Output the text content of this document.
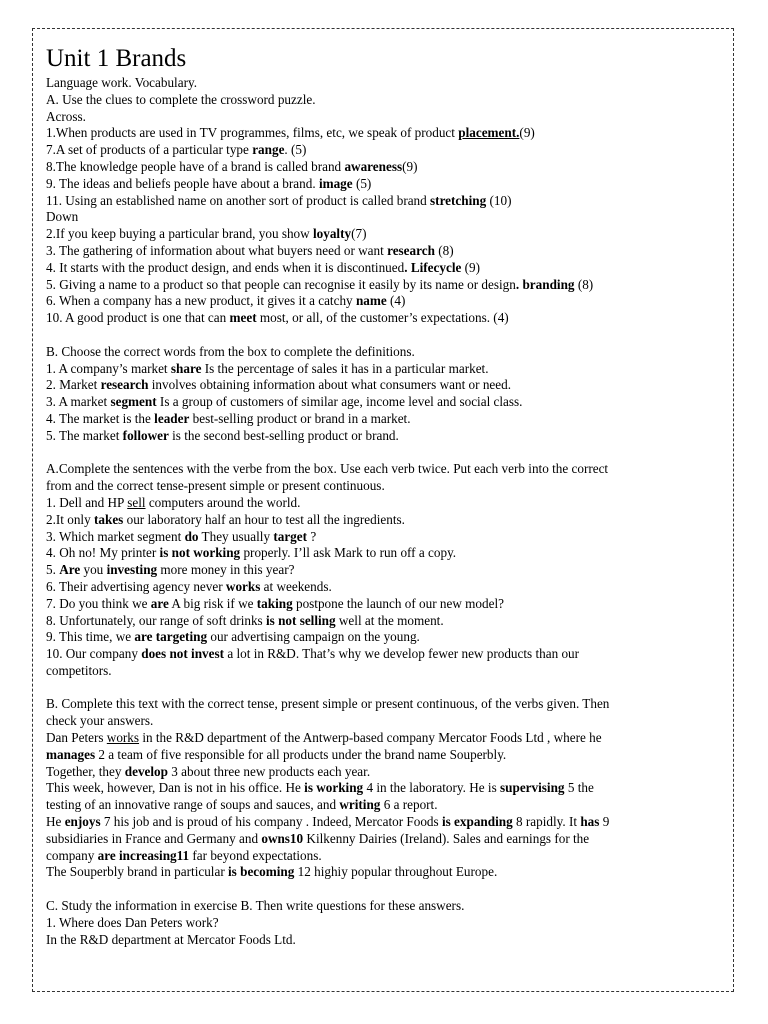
Unit 1 Brands
Language work. Vocabulary.
A. Use the clues to complete the crossword puzzle.
Across.
1.When products are used in TV programmes, films, etc, we speak of product placement.(9)
7.A set of products of a particular type range. (5)
8.The knowledge people have of a brand is called brand awareness(9)
9. The ideas and beliefs people have about a brand. image (5)
11. Using an established name on another sort of product is called brand stretching (10)
Down
2.If you keep buying a particular brand, you show loyalty(7)
3. The gathering of information about what buyers need or want research (8)
4. It starts with the product design, and ends when it is discontinued. Lifecycle (9)
5. Giving a name to a product so that people can recognise it easily by its name or design. branding (8)
6. When a company has a new product, it gives it a catchy name (4)
10. A good product is one that can meet most, or all, of the customer’s expectations. (4)
B. Choose the correct words from the box to complete the definitions.
1. A company’s market share Is the percentage of sales it has in a particular market.
2. Market research involves obtaining information about what consumers want or need.
3. A market segment Is a group of customers of similar age, income level and social class.
4. The market is the leader best-selling product or brand in a market.
5. The market follower is the second best-selling product or brand.
A.Complete the sentences with the verbe from the box. Use each verb twice. Put each verb into the correct
from and the correct tense-present simple or present continuous.
1. Dell and HP sell computers around the world.
2.It only takes our laboratory half an hour to test all the ingredients.
3. Which market segment do They usually target ?
4. Oh no! My printer is not working properly. I’ll ask Mark to run off a copy.
5. Are you investing more money in this year?
6. Their advertising agency never works at weekends.
7. Do you think we are A big risk if we taking postpone the launch of our new model?
8. Unfortunately, our range of soft drinks is not selling well at the moment.
9. This time, we are targeting our advertising campaign on the young.
10. Our company does not invest a lot in R&D. That’s why we develop fewer new products than our
competitors.
B. Complete this text with the correct tense, present simple or present continuous, of the verbs given. Then
check your answers.
Dan Peters works in the R&D department of the Antwerp-based company Mercator Foods Ltd , where he
manages 2 a team of five responsible for all products under the brand name Souperbly.
Together, they develop 3 about three new products each year.
This week, however, Dan is not in his office. He is working 4 in the laboratory. He is supervising 5 the
testing of an innovative range of soups and sauces, and writing 6 a report.
He enjoys 7 his job and is proud of his company . Indeed, Mercator Foods is expanding 8 rapidly. It has 9
subsidiaries in France and Germany and owns10 Kilkenny Dairies (Ireland). Sales and earnings for the
company are increasing11 far beyond expectations.
The Souperbly brand in particular is becoming 12 highiy popular throughout Europe.
C. Study the information in exercise B. Then write questions for these answers.
1. Where does Dan Peters work?
In the R&D department at Mercator Foods Ltd.
